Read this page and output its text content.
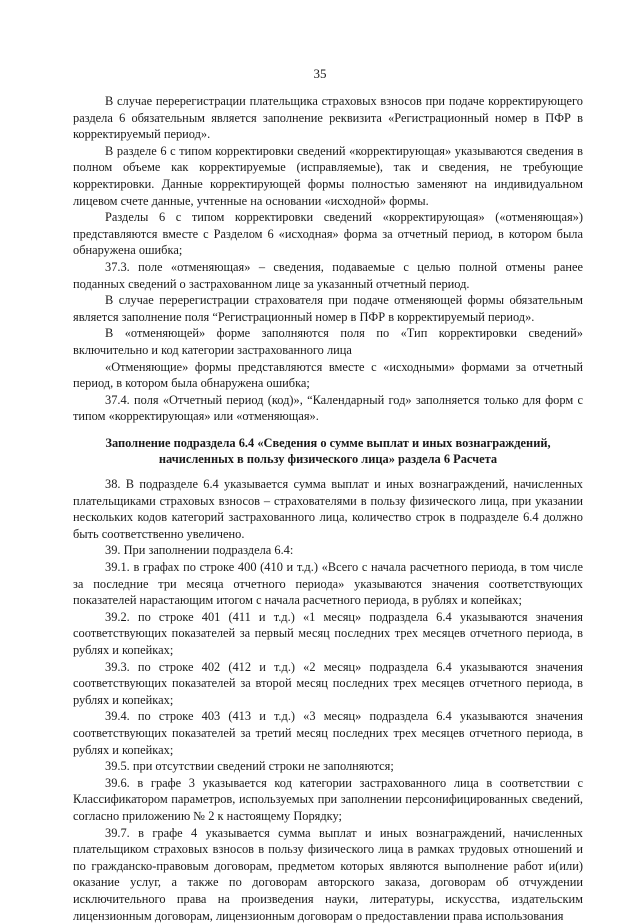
35

В случае перерегистрации плательщика страховых взносов при подаче корректирующего раздела 6 обязательным является заполнение реквизита «Регистрационный номер в ПФР в корректируемый период».

В разделе 6 с типом корректировки сведений «корректирующая» указываются сведения в полном объеме как корректируемые (исправляемые), так и сведения, не требующие корректировки. Данные корректирующей формы полностью заменяют на индивидуальном лицевом счете данные, учтенные на основании «исходной» формы.

Разделы 6 с типом корректировки сведений «корректирующая» («отменяющая») представляются вместе с Разделом 6 «исходная» форма за отчетный период, в котором была обнаружена ошибка;

37.3. поле «отменяющая» – сведения, подаваемые с целью полной отмены ранее поданных сведений о застрахованном лице за указанный отчетный период.

В случае перерегистрации страхователя при подаче отменяющей формы обязательным является заполнение поля “Регистрационный номер в ПФР в корректируемый период».

В «отменяющей» форме заполняются поля по «Тип корректировки сведений» включительно и код категории застрахованного лица

«Отменяющие» формы представляются вместе с «исходными» формами за отчетный период, в котором была обнаружена ошибка;

37.4. поля «Отчетный период (код)», “Календарный год» заполняется только для форм с типом «корректирующая» или «отменяющая».

Заполнение подраздела 6.4 «Сведения о сумме выплат и иных вознаграждений,
начисленных в пользу физического лица» раздела 6 Расчета

38. В подразделе 6.4 указывается сумма выплат и иных вознаграждений, начисленных плательщиками страховых взносов – страхователями в пользу физического лица, при указании нескольких кодов категорий застрахованного лица, количество строк в подразделе 6.4 должно быть соответственно увеличено.

39. При заполнении подраздела 6.4:

39.1. в графах по строке 400 (410 и т.д.) «Всего с начала расчетного периода, в том числе за последние три месяца отчетного периода» указываются значения соответствующих показателей нарастающим итогом с начала расчетного периода, в рублях и копейках;

39.2. по строке 401 (411 и т.д.) «1 месяц» подраздела 6.4 указываются значения соответствующих показателей за первый месяц последних трех месяцев отчетного периода, в рублях и копейках;

39.3. по строке 402 (412 и т.д.) «2 месяц» подраздела 6.4 указываются значения соответствующих показателей за второй месяц последних трех месяцев отчетного периода, в рублях и копейках;

39.4. по строке 403 (413 и т.д.) «3 месяц» подраздела 6.4 указываются значения соответствующих показателей за третий месяц последних трех месяцев отчетного периода, в рублях и копейках;

39.5. при отсутствии сведений строки не заполняются;

39.6. в графе 3 указывается код категории застрахованного лица в соответствии с Классификатором параметров, используемых при заполнении персонифицированных сведений, согласно приложению № 2 к настоящему Порядку;

39.7. в графе 4 указывается сумма выплат и иных вознаграждений, начисленных плательщиком страховых взносов в пользу физического лица в рамках трудовых отношений и по гражданско-правовым договорам, предметом которых являются выполнение работ и(или) оказание услуг, а также по договорам авторского заказа, договорам об отчуждении исключительного права на произведения науки, литературы, искусства, издательским лицензионным договорам, лицензионным договорам о предоставлении права использования
